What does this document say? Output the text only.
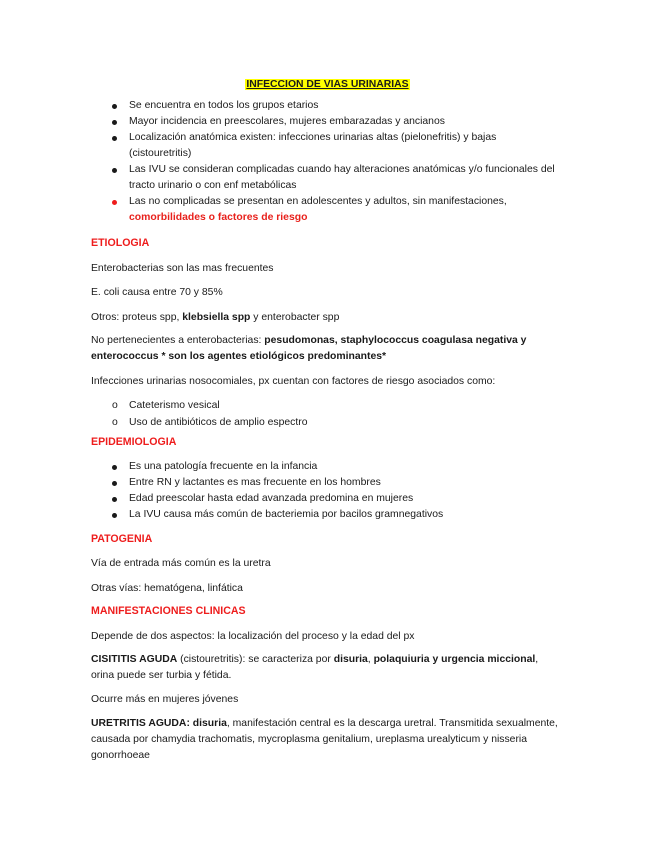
INFECCION DE VIAS URINARIAS
Se encuentra en todos los grupos etarios
Mayor incidencia en preescolares, mujeres embarazadas y ancianos
Localización anatómica existen: infecciones urinarias altas (pielonefritis) y bajas (cistouretritis)
Las IVU se consideran complicadas cuando hay alteraciones anatómicas y/o funcionales del tracto urinario o con enf metabólicas
Las no complicadas se presentan en adolescentes y adultos, sin manifestaciones, comorbilidades o factores de riesgo
ETIOLOGIA
Enterobacterias son las mas frecuentes
E. coli causa entre 70 y 85%
Otros: proteus spp, klebsiella spp y enterobacter spp
No pertenecientes a enterobacterias: pesudomonas, staphylococcus coagulasa negativa y enterococcus * son los agentes etiológicos predominantes*
Infecciones urinarias nosocomiales, px cuentan con factores de riesgo asociados como:
o Cateterismo vesical
o Uso de antibióticos de amplio espectro
EPIDEMIOLOGIA
Es una patología frecuente en la infancia
Entre RN y lactantes es mas frecuente en los hombres
Edad preescolar hasta edad avanzada predomina en mujeres
La IVU causa más común de bacteriemia por bacilos gramnegativos
PATOGENIA
Vía de entrada más común es la uretra
Otras vías: hematógena, linfática
MANIFESTACIONES CLINICAS
Depende de dos aspectos: la localización del proceso y la edad del px
CISITITIS AGUDA (cistouretritis): se caracteriza por disuria, polaquiuria y urgencia miccional, orina puede ser turbia y fétida.
Ocurre más en mujeres jóvenes
URETRITIS AGUDA: disuria, manifestación central es la descarga uretral. Transmitida sexualmente, causada por chamydia trachomatis, mycroplasma genitalium, ureplasma urealyticum y nisseria gonorrhoeae
